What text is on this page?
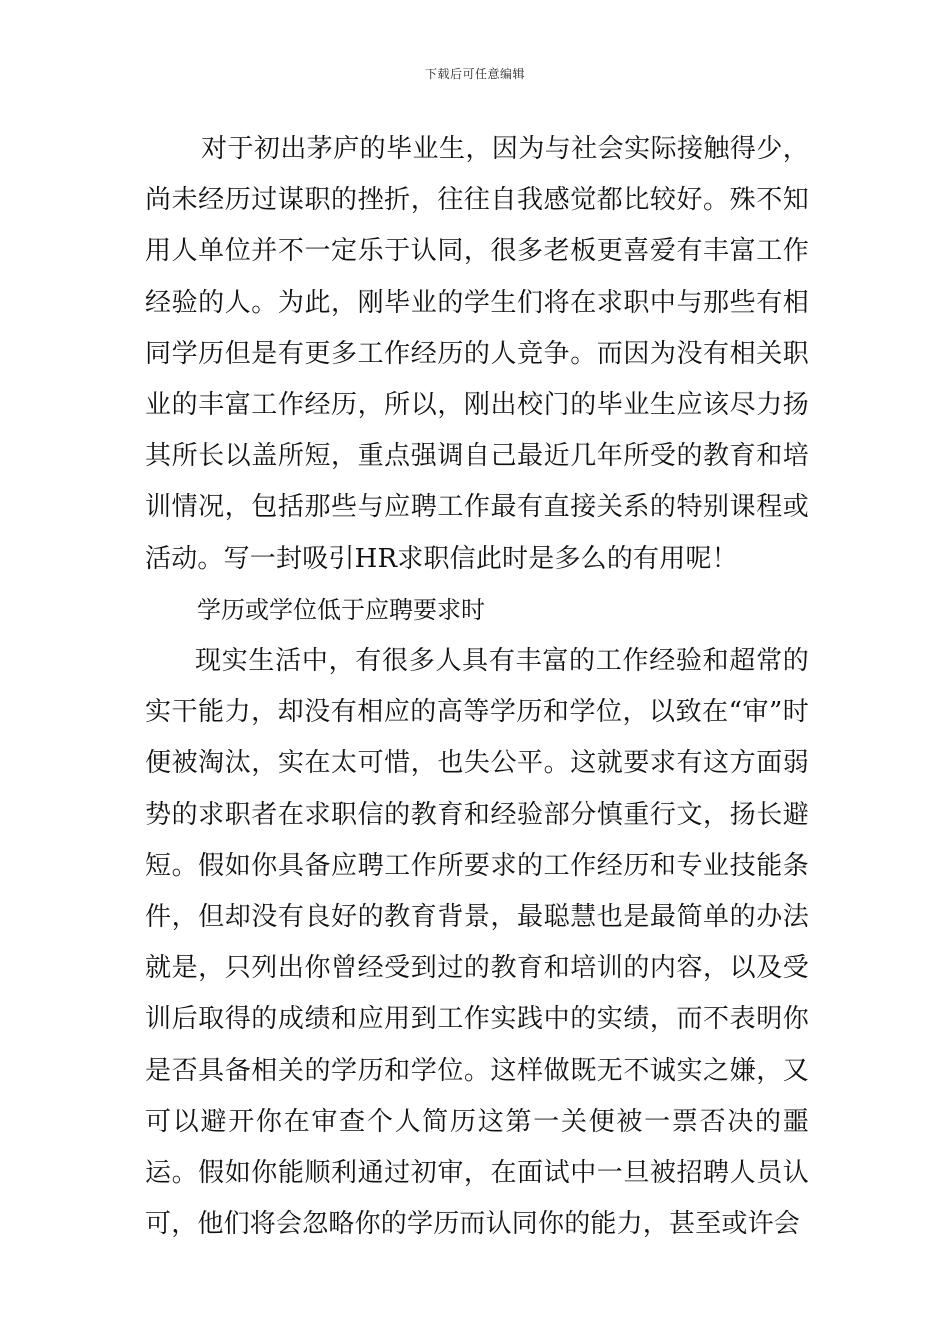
下载后可任意编辑

对于初出茅庐的毕业生，因为与社会实际接触得少，尚未经历过谋职的挫折，往往自我感觉都比较好。殊不知用人单位并不一定乐于认同，很多老板更喜爱有丰富工作经验的人。为此，刚毕业的学生们将在求职中与那些有相同学历但是有更多工作经历的人竞争。而因为没有相关职业的丰富工作经历，所以，刚出校门的毕业生应该尽力扬其所长以盖所短，重点强调自己最近几年所受的教育和培训情况，包括那些与应聘工作最有直接关系的特别课程或活动。写一封吸引HR求职信此时是多么的有用呢！

学历或学位低于应聘要求时

现实生活中，有很多人具有丰富的工作经验和超常的实干能力，却没有相应的高等学历和学位，以致在“审”时便被淘汰，实在太可惜，也失公平。这就要求有这方面弱势的求职者在求职信的教育和经验部分慎重行文，扬长避短。假如你具备应聘工作所要求的工作经历和专业技能条件，但却没有良好的教育背景，最聪慧也是最简单的办法就是，只列出你曾经受到过的教育和培训的内容，以及受训后取得的成绩和应用到工作实践中的实绩，而不表明你是否具备相关的学历和学位。这样做既无不诚实之嫌，又可以避开你在审查个人简历这第一关便被一票否决的噩运。假如你能顺利通过初审，在面试中一旦被招聘人员认可，他们将会忽略你的学历而认同你的能力，甚至或许会
